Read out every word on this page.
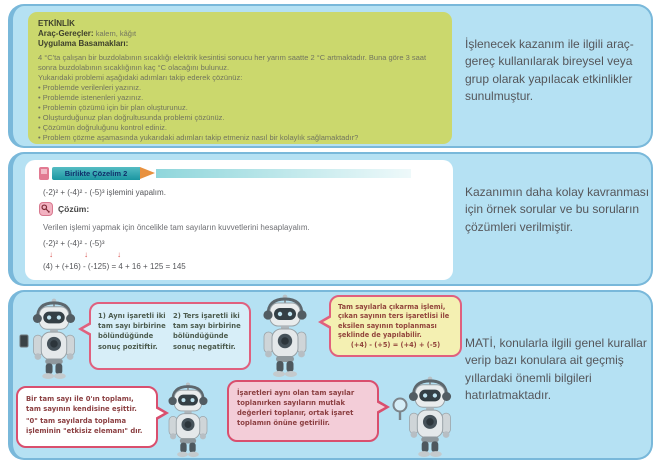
ETKİNLİK
Araç-Gereçler: kalem, kâğıt
Uygulama Basamakları:
4 °C'ta çalışan bir buzdolabının sıcaklığı elektrik kesintisi sonucu her yarım saatte 2 °C artmaktadır. Buna göre 3 saat sonra buzdolabının sıcaklığının kaç °C olacağını bulunuz.
Yukarıdaki problemi aşağıdaki adımları takip ederek çözünüz:
• Problemde verilenleri yazınız.
• Problemde istenenleri yazınız.
• Problemin çözümü için bir plan oluşturunuz.
• Oluşturduğunuz plan doğrultusunda problemi çözünüz.
• Çözümün doğruluğunu kontrol ediniz.
• Problem çözme aşamasında yukarıdaki adımları takip etmeniz nasıl bir kolaylık sağlamaktadır?
İşlenecek kazanım ile ilgili araç-gereç kullanılarak bireysel veya grup olarak yapılacak etkinlikler sunulmuştur.
Birlikte Çözelim 2
(-2)² + (-4)² - (-5)³ işlemini yapalım.
Çözüm:
Verilen işlemi yapmak için öncelikle tam sayıların kuvvetlerini hesaplayalım.
(-2)² + (-4)² - (-5)³
↓	↓	↓
(4) + (+16) - (-125) = 4 + 16 + 125 = 145
Kazanımın daha kolay kavranması için örnek sorular ve bu soruların çözümleri verilmiştir.
1) Aynı işaretli iki tam sayı birbirine bölündüğünde sonuç pozitiftir.
2) Ters işaretli iki tam sayı birbirine bölündüğünde sonuç negatiftir.
Tam sayılarla çıkarma işlemi, çıkan sayının ters işaretlisi ile eksilen sayının toplanması şeklinde de yapılabilir.
(+4) - (+5) = (+4) + (-5)
Bir tam sayı ile 0'ın toplamı, tam sayının kendisine eşittir.
"0" tam sayılarda toplama işleminin "etkisiz elemanı" dır.
İşaretleri aynı olan tam sayılar toplanırken sayıların mutlak değerleri toplanır, ortak işaret toplamın önüne getirilir.
MATİ, konularla ilgili genel kurallar verip bazı konulara ait geçmiş yıllardaki önemli bilgileri hatırlatmaktadır.
